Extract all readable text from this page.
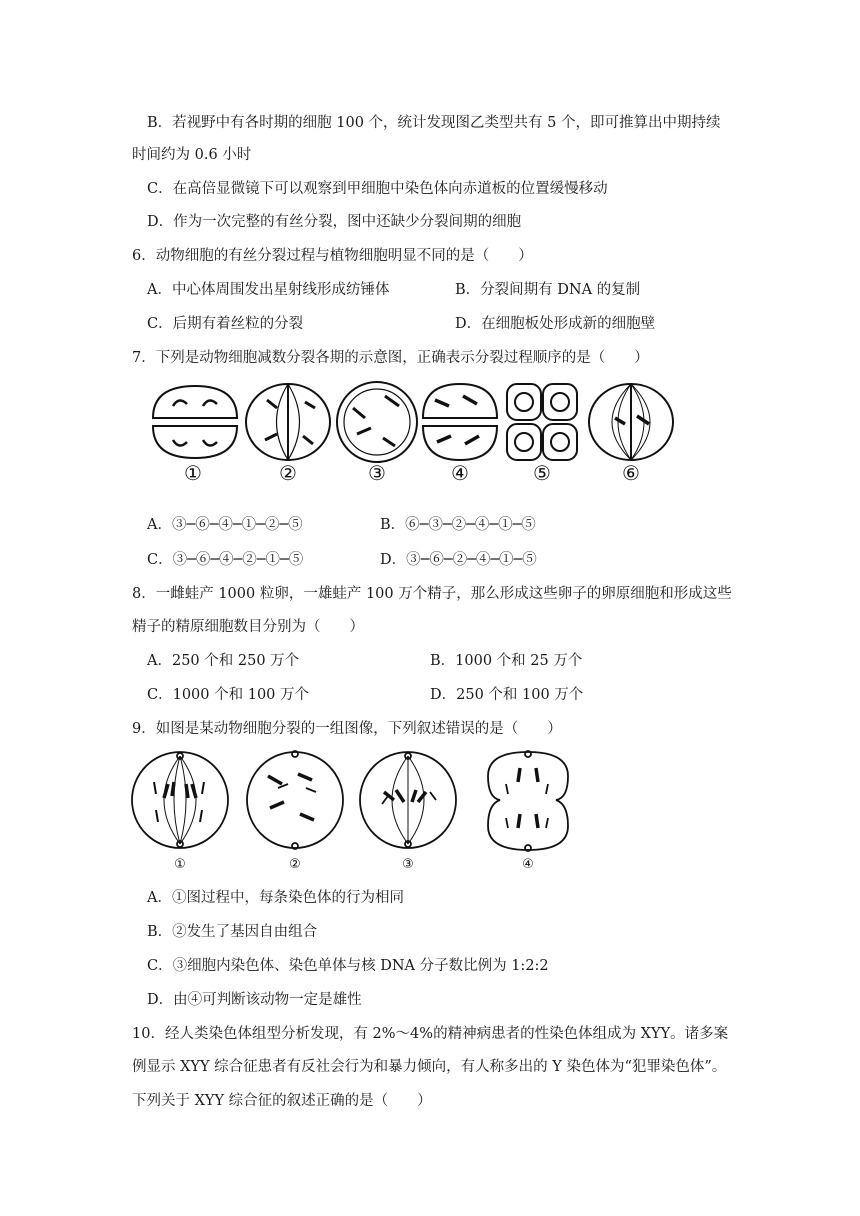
B．若视野中有各时期的细胞 100 个，统计发现图乙类型共有 5 个，即可推算出中期持续
时间约为 0.6 小时
C．在高倍显微镜下可以观察到甲细胞中染色体向赤道板的位置缓慢移动
D．作为一次完整的有丝分裂，图中还缺少分裂间期的细胞
6．动物细胞的有丝分裂过程与植物细胞明显不同的是（　　）
A．中心体周围发出星射线形成纺锤体	B．分裂间期有 DNA 的复制
C．后期有着丝粒的分裂	D．在细胞板处形成新的细胞壁
7．下列是动物细胞减数分裂各期的示意图，正确表示分裂过程顺序的是（　　）
①	②	③	④	⑤	⑥
A．③─⑥─④─①─②─⑤	B．⑥─③─②─④─①─⑤
C．③─⑥─④─②─①─⑤	D．③─⑥─②─④─①─⑤
8．一雌蛙产 1000 粒卵，一雄蛙产 100 万个精子，那么形成这些卵子的卵原细胞和形成这些
精子的精原细胞数目分别为（　　）
A．250 个和 250 万个	B．1000 个和 25 万个
C．1000 个和 100 万个	D．250 个和 100 万个
9．如图是某动物细胞分裂的一组图像，下列叙述错误的是（　　）
①	②	③	④
A．①图过程中，每条染色体的行为相同
B．②发生了基因自由组合
C．③细胞内染色体、染色单体与核 DNA 分子数比例为 1:2:2
D．由④可判断该动物一定是雄性
10．经人类染色体组型分析发现，有 2%～4%的精神病患者的性染色体组成为 XYY。诸多案
例显示 XYY 综合征患者有反社会行为和暴力倾向，有人称多出的 Y 染色体为“犯罪染色体”。
下列关于 XYY 综合征的叙述正确的是（　　）
